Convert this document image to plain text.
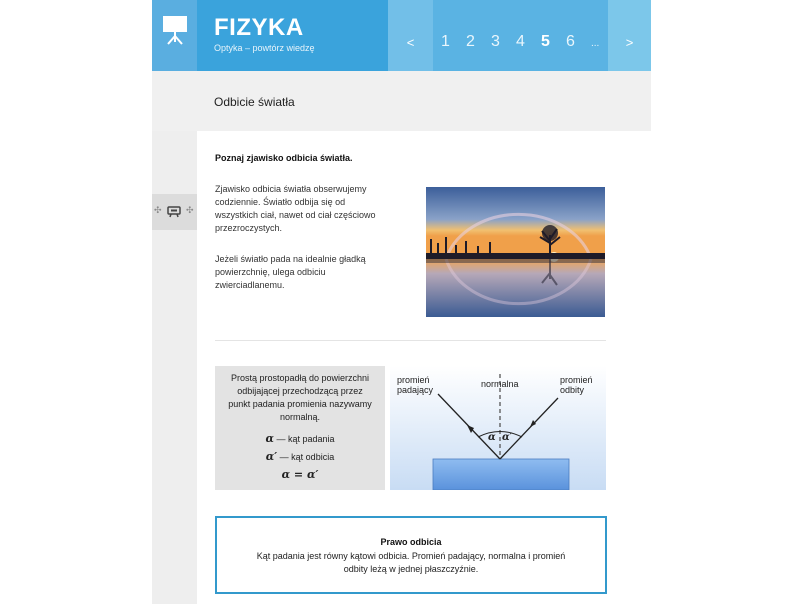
FIZYKA
Optyka – powtórz wiedzę	<	1 2 3 4 5 6 ...	>
Odbicie światła
✣	✣
Poznaj zjawisko odbicia światła.
Zjawisko odbicia światła obserwujemy codziennie. Światło odbija się od wszystkich ciał, nawet od ciał częściowo przezroczystych.
Jeżeli światło pada na idealnie gładką powierzchnię, ulega odbiciu zwierciadlanemu.
Prostą prostopadłą do powierzchni odbijającej przechodzącą przez punkt padania promienia nazywamy normalną.
α — kąt padania
α′ — kąt odbicia
α = α′
promień
padający
normalna	promień
odbity
α α′
Prawo odbicia
Kąt padania jest równy kątowi odbicia. Promień padający, normalna i promień odbity leżą w jednej płaszczyźnie.
